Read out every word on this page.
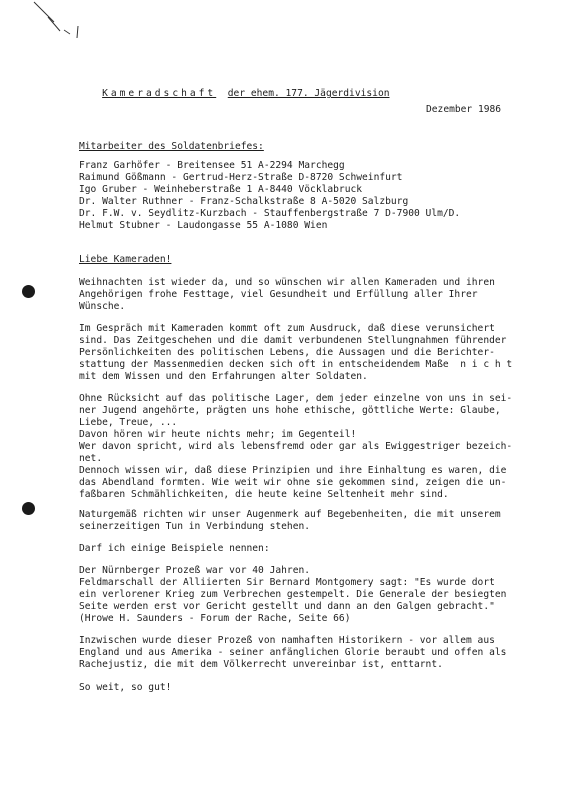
Kameradschaft der ehem. 177. Jägerdivision

Dezember 1986
Mitarbeiter des Soldatenbriefes:
Franz Garhöfer - Breitensee 51 A-2294 Marchegg
Raimund Gößmann - Gertrud-Herz-Straße D-8720 Schweinfurt
Igo Gruber - Weinheberstraße 1 A-8440 Vöcklabruck
Dr. Walter Ruthner - Franz-Schalkstraße 8 A-5020 Salzburg
Dr. F.W. v. Seydlitz-Kurzbach - Stauffenbergstraße 7 D-7900 Ulm/D.
Helmut Stubner - Laudongasse 55 A-1080 Wien
Liebe Kameraden!
Weihnachten ist wieder da, und so wünschen wir allen Kameraden und ihren
Angehörigen frohe Festtage, viel Gesundheit und Erfüllung aller Ihrer
Wünsche.
Im Gespräch mit Kameraden kommt oft zum Ausdruck, daß diese verunsichert
sind. Das Zeitgeschehen und die damit verbundenen Stellungnahmen führender
Persönlichkeiten des politischen Lebens, die Aussagen und die Berichter-
stattung der Massenmedien decken sich oft in entscheidendem Maße  n i c h t
mit dem Wissen und den Erfahrungen alter Soldaten.
Ohne Rücksicht auf das politische Lager, dem jeder einzelne von uns in sei-
ner Jugend angehörte, prägten uns hohe ethische, göttliche Werte: Glaube,
Liebe, Treue, ...
Davon hören wir heute nichts mehr; im Gegenteil!
Wer davon spricht, wird als lebensfremd oder gar als Ewiggestriger bezeich-
net.
Dennoch wissen wir, daß diese Prinzipien und ihre Einhaltung es waren, die
das Abendland formten. Wie weit wir ohne sie gekommen sind, zeigen die un-
faßbaren Schmählichkeiten, die heute keine Seltenheit mehr sind.
Naturgemäß richten wir unser Augenmerk auf Begebenheiten, die mit unserem
seinerzeitigen Tun in Verbindung stehen.
Darf ich einige Beispiele nennen:
Der Nürnberger Prozeß war vor 40 Jahren.
Feldmarschall der Alliierten Sir Bernard Montgomery sagt: "Es wurde dort
ein verlorener Krieg zum Verbrechen gestempelt. Die Generale der besiegten
Seite werden erst vor Gericht gestellt und dann an den Galgen gebracht."
(Hrowe H. Saunders - Forum der Rache, Seite 66)
Inzwischen wurde dieser Prozeß von namhaften Historikern - vor allem aus
England und aus Amerika - seiner anfänglichen Glorie beraubt und offen als
Rachejustiz, die mit dem Völkerrecht unvereinbar ist, enttarnt.
So weit, so gut!
